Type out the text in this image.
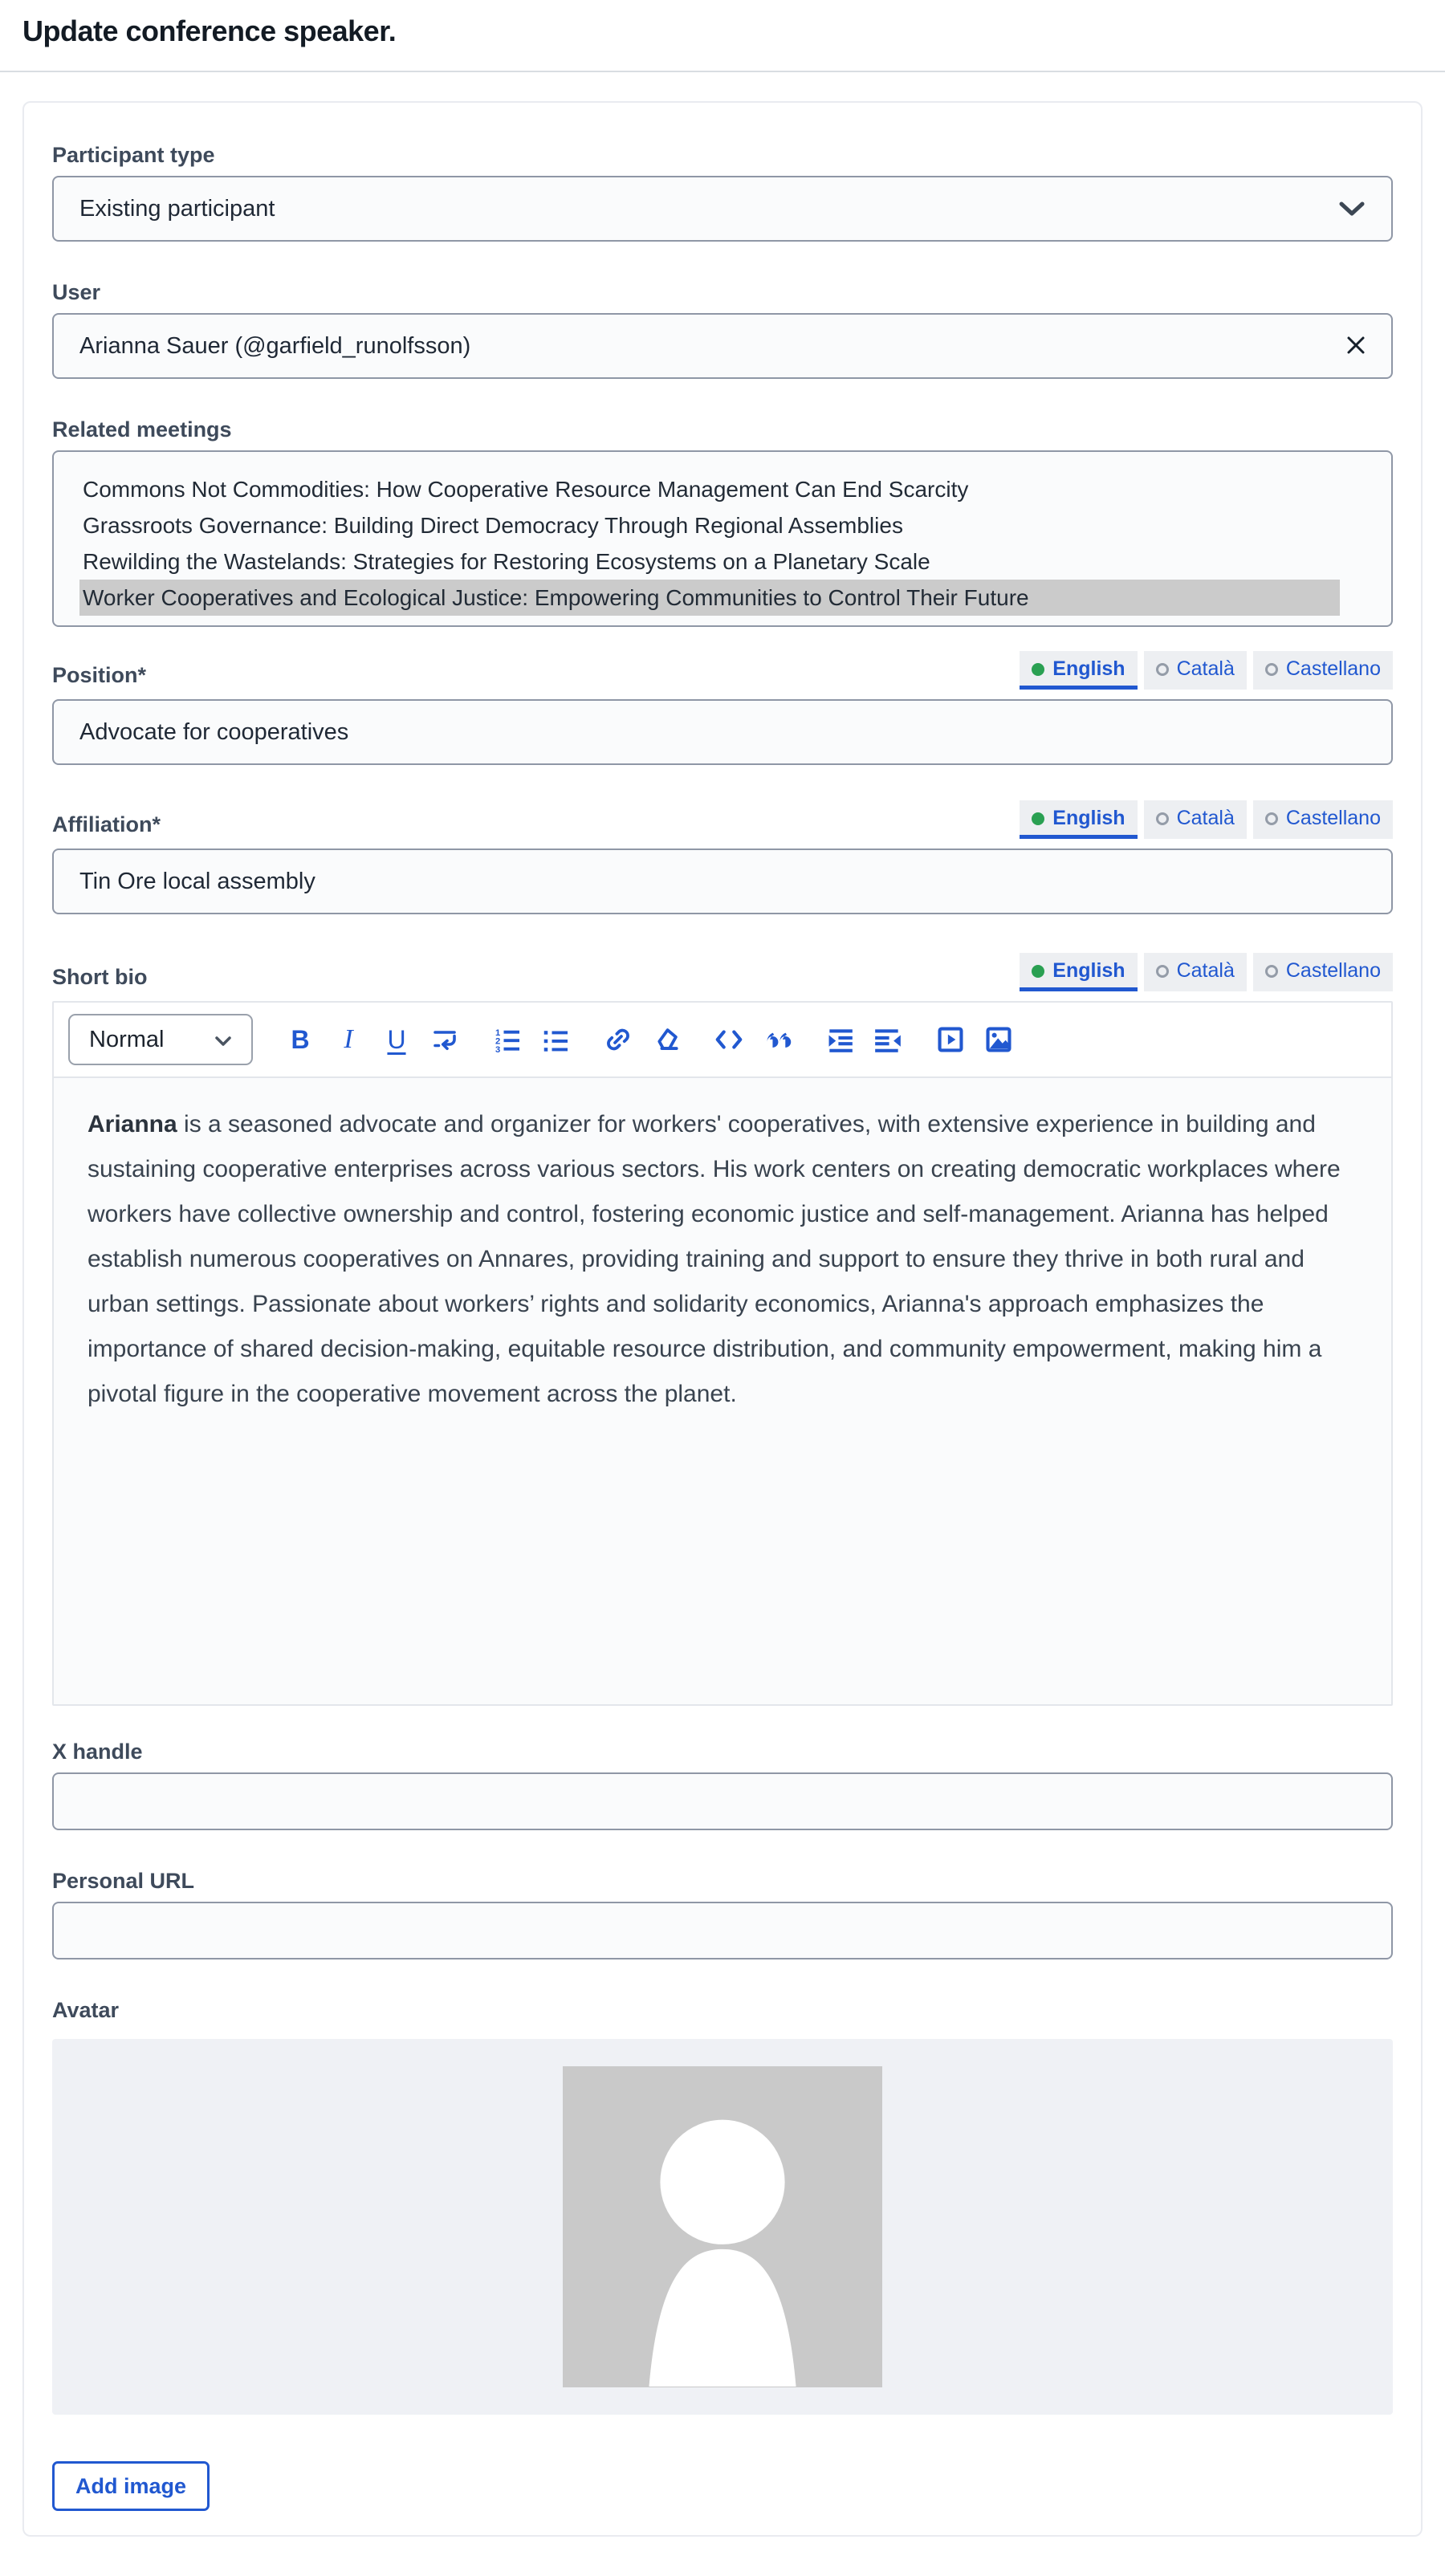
Update conference speaker.
Participant type
Existing participant
User
Arianna Sauer (@garfield_runolfsson)
Related meetings
Commons Not Commodities: How Cooperative Resource Management Can End Scarcity
Grassroots Governance: Building Direct Democracy Through Regional Assemblies
Rewilding the Wastelands: Strategies for Restoring Ecosystems on a Planetary Scale
Worker Cooperatives and Ecological Justice: Empowering Communities to Control Their Future
Position*	English	Català	Castellano
Advocate for cooperatives
Affiliation*	English	Català	Castellano
Tin Ore local assembly
Short bio	English	Català	Castellano
Normal	B	I	U	1
2
3

Arianna is a seasoned advocate and organizer for workers' cooperatives, with extensive experience in building and sustaining cooperative enterprises across various sectors. His work centers on creating democratic workplaces where workers have collective ownership and control, fostering economic justice and self-management. Arianna has helped establish numerous cooperatives on Annares, providing training and support to ensure they thrive in both rural and urban settings. Passionate about workers’ rights and solidarity economics, Arianna's approach emphasizes the importance of shared decision-making, equitable resource distribution, and community empowerment, making him a pivotal figure in the cooperative movement across the planet.

X handle
Personal URL
Avatar
Add image
